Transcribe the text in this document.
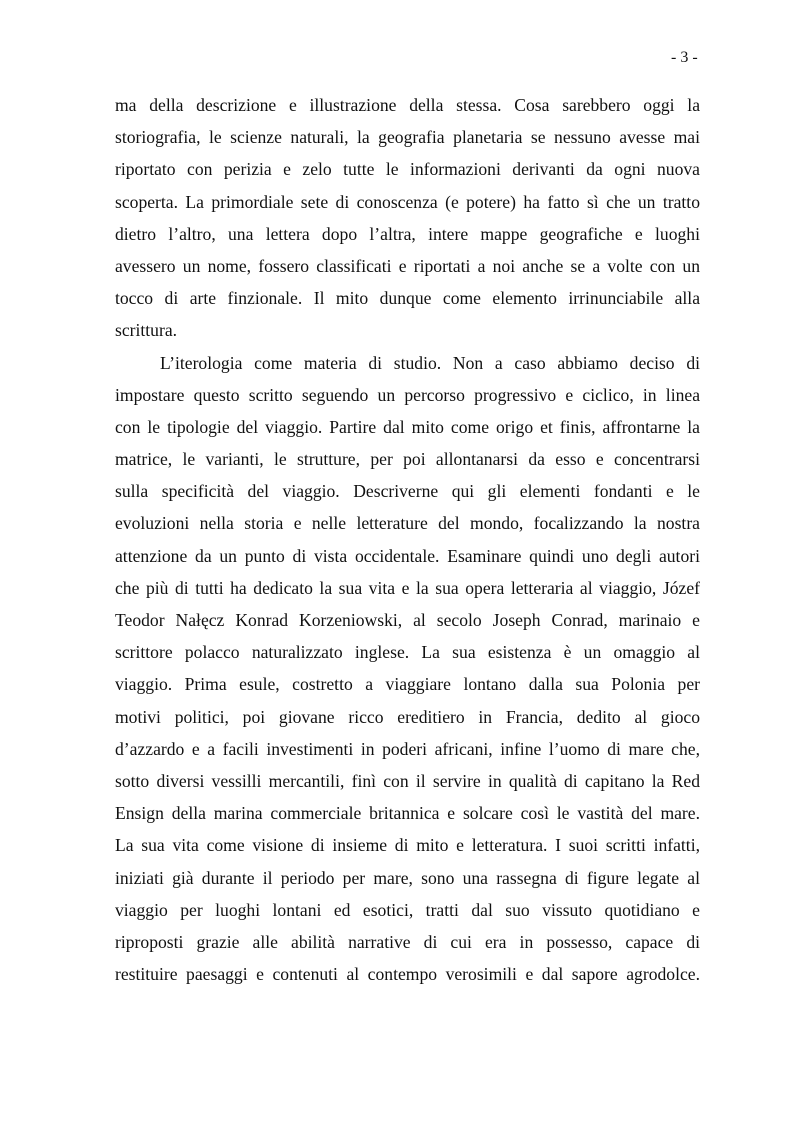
- 3 -
ma della descrizione e illustrazione della stessa. Cosa sarebbero oggi la
storiografia, le scienze naturali, la geografia planetaria se nessuno avesse mai
riportato con perizia e zelo tutte le informazioni derivanti da ogni nuova
scoperta. La primordiale sete di conoscenza (e potere) ha fatto sì che un tratto
dietro l’altro, una lettera dopo l’altra, intere mappe geografiche e luoghi
avessero un nome, fossero classificati e riportati a noi anche se a volte con un
tocco di arte finzionale. Il mito dunque come elemento irrinunciabile alla
scrittura.
L’iterologia come materia di studio. Non a caso abbiamo deciso di
impostare questo scritto seguendo un percorso progressivo e ciclico, in linea
con le tipologie del viaggio. Partire dal mito come origo et finis, affrontarne la
matrice, le varianti, le strutture, per poi allontanarsi da esso e concentrarsi
sulla specificità del viaggio. Descriverne qui gli elementi fondanti e le
evoluzioni nella storia e nelle letterature del mondo, focalizzando la nostra
attenzione da un punto di vista occidentale. Esaminare quindi uno degli autori
che più di tutti ha dedicato la sua vita e la sua opera letteraria al viaggio, Józef
Teodor Nałęcz Konrad Korzeniowski, al secolo Joseph Conrad, marinaio e
scrittore polacco naturalizzato inglese. La sua esistenza è un omaggio al
viaggio. Prima esule, costretto a viaggiare lontano dalla sua Polonia per
motivi politici, poi giovane ricco ereditiero in Francia, dedito al gioco
d’azzardo e a facili investimenti in poderi africani, infine l’uomo di mare che,
sotto diversi vessilli mercantili, finì con il servire in qualità di capitano la Red
Ensign della marina commerciale britannica e solcare così le vastità del mare.
La sua vita come visione di insieme di mito e letteratura. I suoi scritti infatti,
iniziati già durante il periodo per mare, sono una rassegna di figure legate al
viaggio per luoghi lontani ed esotici, tratti dal suo vissuto quotidiano e
riproposti grazie alle abilità narrative di cui era in possesso, capace di
restituire paesaggi e contenuti al contempo verosimili e dal sapore agrodolce.
